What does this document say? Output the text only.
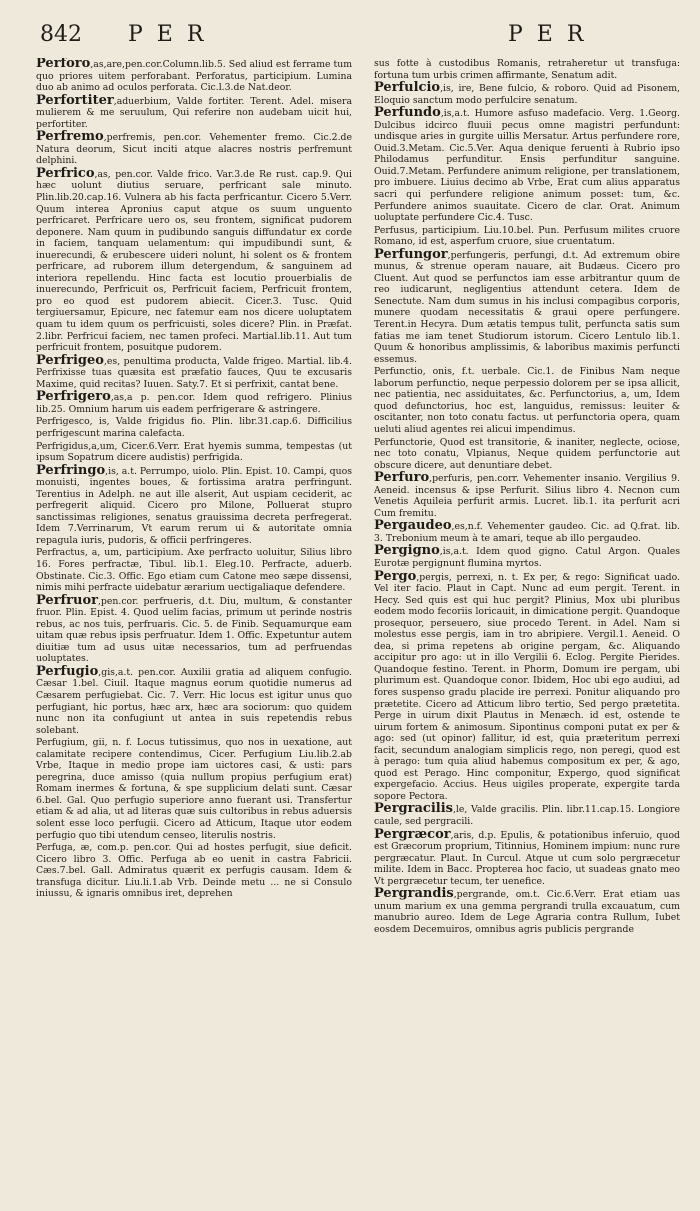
842 PER	PER

Perforo,as,are,pen.cor.Column.lib.5. Sed aliud est ferrame tum quo priores uitem perforabant. Perforatus, participium. Lumina duo ab animo ad oculos perforata. Cic.l.3.de Nat.deor.

Perfortiter,aduerbium, Valde fortiter. Terent. Adel. misera mulierem & me seruulum, Qui referire non audebam uicit hui, perfortiter.

Perfremo,perfremis, pen.cor. Vehementer fremo. Cic.2.de Natura deorum, Sicut inciti atque alacres nostris perfremunt delphini.

Perfrico,as, pen.cor. Valde frico. Var.3.de Re rust. cap.9. Qui hæc uolunt diutius seruare, perfricant sale minuto. Plin.lib.20.cap.16. Vulnera ab his facta perfricantur. Cicero 5.Verr. Quum interea Apronius caput atque os suum unguento perfricaret. Perfricare uero os, seu frontem, significat pudorem deponere. Nam quum in pudibundo sanguis diffundatur ex corde in faciem, tanquam uelamentum: qui impudibundi sunt, & inuerecundi, & erubescere uideri nolunt, hi solent os & frontem perfricare, ad ruborem illum detergendum, & sanguinem ad interiora repellendu. Hinc facta est locutio prouerbialis de inuerecundo, Perfricuit os, Perfricuit faciem, Perfricuit frontem, pro eo quod est pudorem abiecit. Cicer.3. Tusc. Quid tergiuersamur, Epicure, nec fatemur eam nos dicere uoluptatem quam tu idem quum os perfricuisti, soles dicere? Plin. in Præfat. 2.libr. Perfricui faciem, nec tamen profeci. Martial.lib.11. Aut tum perfricuit frontem, posuitque pudorem.

Perfrigeo,es, penultima producta, Valde frigeo. Martial. lib.4. Perfrixisse tuas quæsita est præfatio fauces, Quu te excusaris Maxime, quid recitas? Iuuen. Saty.7. Et si perfrixit, cantat bene.

Perfrigero,as,a p. pen.cor. Idem quod refrigero. Plinius lib.25. Omnium harum uis eadem perfrigerare & astringere.

Perfrigesco, is, Valde frigidus fio. Plin. libr.31.cap.6. Difficilius perfrigescunt marina calefacta.

Perfrigidus,a,um, Cicer.6.Verr. Erat hyemis summa, tempestas (ut ipsum Sopatrum dicere audistis) perfrigida.

Perfringo,is, a.t. Perrumpo, uiolo. Plin. Epist. 10. Campi, quos monuisti, ingentes boues, & fortissima aratra perfringunt. Terentius in Adelph. ne aut ille alserit, Aut uspiam ceciderit, ac perfregerit aliquid. Cicero pro Milone, Polluerat stupro sanctissimas religiones, senatus grauissima decreta perfregerat. Idem 7.Verrinarum, Vt earum rerum ui & autoritate omnia repagula iuris, pudoris, & officii perfringeres.

Perfractus, a, um, participium. Axe perfracto uoluitur, Silius libro 16. Fores perfractæ, Tibul. lib.1. Eleg.10. Perfracte, aduerb. Obstinate. Cic.3. Offic. Ego etiam cum Catone meo sæpe dissensi, nimis mihi perfracte uidebatur ærarium uectigaliaque defendere.

Perfruor,pen.cor. perfrueris, d.t. Diu, multum, & constanter fruor. Plin. Epist. 4. Quod uelim facias, primum ut perinde nostris rebus, ac nos tuis, perfruaris. Cic. 5. de Finib. Sequamurque eam uitam quæ rebus ipsis perfruatur. Idem 1. Offic. Expetuntur autem diuitiæ tum ad usus uitæ necessarios, tum ad perfruendas uoluptates.

Perfugio,gis,a.t. pen.cor. Auxilii gratia ad aliquem confugio. Cæsar 1.bel. Ciuil. Itaque magnus eorum quotidie numerus ad Cæsarem perfugiebat. Cic. 7. Verr. Hic locus est igitur unus quo perfugiant, hic portus, hæc arx, hæc ara sociorum: quo quidem nunc non ita confugiunt ut antea in suis repetendis rebus solebant.

Perfugium, gii, n. f. Locus tutissimus, quo nos in uexatione, aut calamitate recipere contendimus, Cicer. Perfugium Liu.lib.2.ab Vrbe, Itaque in medio prope iam uictores casi, & usti: pars peregrina, duce amisso (quia nullum propius perfugium erat) Romam inermes & fortuna, & spe supplicium delati sunt. Cæsar 6.bel. Gal. Quo perfugio superiore anno fuerant usi. Transfertur etiam & ad alia, ut ad literas quæ suis cultoribus in rebus aduersis solent esse loco perfugii. Cicero ad Atticum, Itaque utor eodem perfugio quo tibi utendum censeo, literulis nostris.

Perfuga, æ, com.p. pen.cor. Qui ad hostes perfugit, siue deficit. Cicero libro 3. Offic. Perfuga ab eo uenit in castra Fabricii. Cæs.7.bel. Gall. Admiratus quærit ex perfugis causam. Idem & transfuga dicitur. Liu.li.1.ab Vrb. Deinde metu ... ne si Consulo iniussu, & ignaris omnibus iret, deprehen

sus fotte à custodibus Romanis, retraheretur ut transfuga: fortuna tum urbis crimen affirmante, Senatum adit.

Perfulcio,is, ire, Bene fulcio, & roboro. Quid ad Pisonem, Eloquio sanctum modo perfulcire senatum.

Perfundo,is,a.t. Humore asfuso madefacio. Verg. 1.Georg. Dulcibus idcirco fluuii pecus omne magistri perfundunt: undisque aries in gurgite uillis Mersatur. Artus perfundere rore, Ouid.3.Metam. Cic.5.Ver. Aqua denique feruenti à Rubrio ipso Philodamus perfunditur. Ensis perfunditur sanguine. Ouid.7.Metam. Perfundere animum religione, per translationem, pro imbuere. Liuius decimo ab Vrbe, Erat cum alius apparatus sacri qui perfundere religione animum posset: tum, &c. Perfundere animos suauitate. Cicero de clar. Orat. Animum uoluptate perfundere Cic.4. Tusc.

Perfusus, participium. Liu.10.bel. Pun. Perfusum milites cruore Romano, id est, asperfum cruore, siue cruentatum.

Perfungor,perfungeris, perfungi, d.t. Ad extremum obire munus, & strenue operam nauare, ait Budæus. Cicero pro Cluent. Aut quod se perfunctos iam esse arbitrantur quum de reo iudicarunt, negligentius attendunt cetera. Idem de Senectute. Nam dum sumus in his inclusi compagibus corporis, munere quodam necessitatis & graui opere perfungere. Terent.in Hecyra. Dum ætatis tempus tulit, perfuncta satis sum fatias me iam tenet Studiorum istorum. Cicero Lentulo lib.1. Quum & honoribus amplissimis, & laboribus maximis perfuncti essemus.

Perfunctio, onis, f.t. uerbale. Cic.1. de Finibus Nam neque laborum perfunctio, neque perpessio dolorem per se ipsa allicit, nec patientia, nec assiduitates, &c. Perfunctorius, a, um, Idem quod defunctorius, hoc est, languidus, remissus: leuiter & oscitanter, non toto conatu factus. ut perfunctoria opera, quam ueluti aliud agentes rei alicui impendimus.

Perfunctorie, Quod est transitorie, & inaniter, neglecte, ociose, nec toto conatu, Vlpianus, Neque quidem perfunctorie aut obscure dicere, aut denuntiare debet.

Perfuro,perfuris, pen.corr. Vehementer insanio. Vergilius 9. Aeneid. incensus & ipse Perfurit. Silius libro 4. Necnon cum Venetis Aquileia perfurit armis. Lucret. lib.1. ita perfurit acri Cum fremitu.

Pergaudeo,es,n.f. Vehementer gaudeo. Cic. ad Q.frat. lib. 3. Trebonium meum à te amari, teque ab illo pergaudeo.

Pergigno,is,a.t. Idem quod gigno. Catul Argon. Quales Eurotæ pergignunt flumina myrtos.

Pergo,pergis, perrexi, n. t. Ex per, & rego: Significat uado. Vel iter facio. Plaut in Capt. Nunc ad eum pergit. Terent. in Hecy. Sed quis est qui huc pergit? Plinius, Mox ubi pluribus eodem modo fecoriis loricauit, in dimicatione pergit. Quandoque prosequor, perseuero, siue procedo Terent. in Adel. Nam si molestus esse pergis, iam in tro abripiere. Vergil.1. Aeneid. O dea, si prima repetens ab origine pergam, &c. Aliquando accipitur pro ago: ut in illo Vergilii 6. Eclog. Pergite Pierides. Quandoque festino. Terent. in Phorm, Domum ire pergam, ubi plurimum est. Quandoque conor. Ibidem, Hoc ubi ego audiui, ad fores suspenso gradu placide ire perrexi. Ponitur aliquando pro prætetite. Cicero ad Atticum libro tertio, Sed pergo prætetita. Perge in uirum dixit Plautus in Menæch. id est, ostende te uirum fortem & animosum. Sipontinus componi putat ex per & ago: sed (ut opinor) fallitur, id est, quia præteritum perrexi facit, secundum analogiam simplicis rego, non peregi, quod est à perago: tum quia aliud habemus compositum ex per, & ago, quod est Perago. Hinc componitur, Expergo, quod significat expergefacio. Accius. Heus uigiles properate, expergite tarda sopore Pectora.

Pergracilis,le, Valde gracilis. Plin. libr.11.cap.15. Longiore caule, sed pergracili.

Pergræcor,aris, d.p. Epulis, & potationibus inferuio, quod est Græcorum proprium, Titinnius, Hominem impium: nunc rure pergræcatur. Plaut. In Curcul. Atque ut cum solo pergræcetur milite. Idem in Bacc. Propterea hoc facio, ut suadeas gnato meo Vt pergræcetur tecum, ter uenefice.

Pergrandis,pergrande, om.t. Cic.6.Verr. Erat etiam uas unum marium ex una gemma pergrandi trulla excauatum, cum manubrio aureo. Idem de Lege Agraria contra Rullum, Iubet eosdem Decemuiros, omnibus agris publicis pergrande
